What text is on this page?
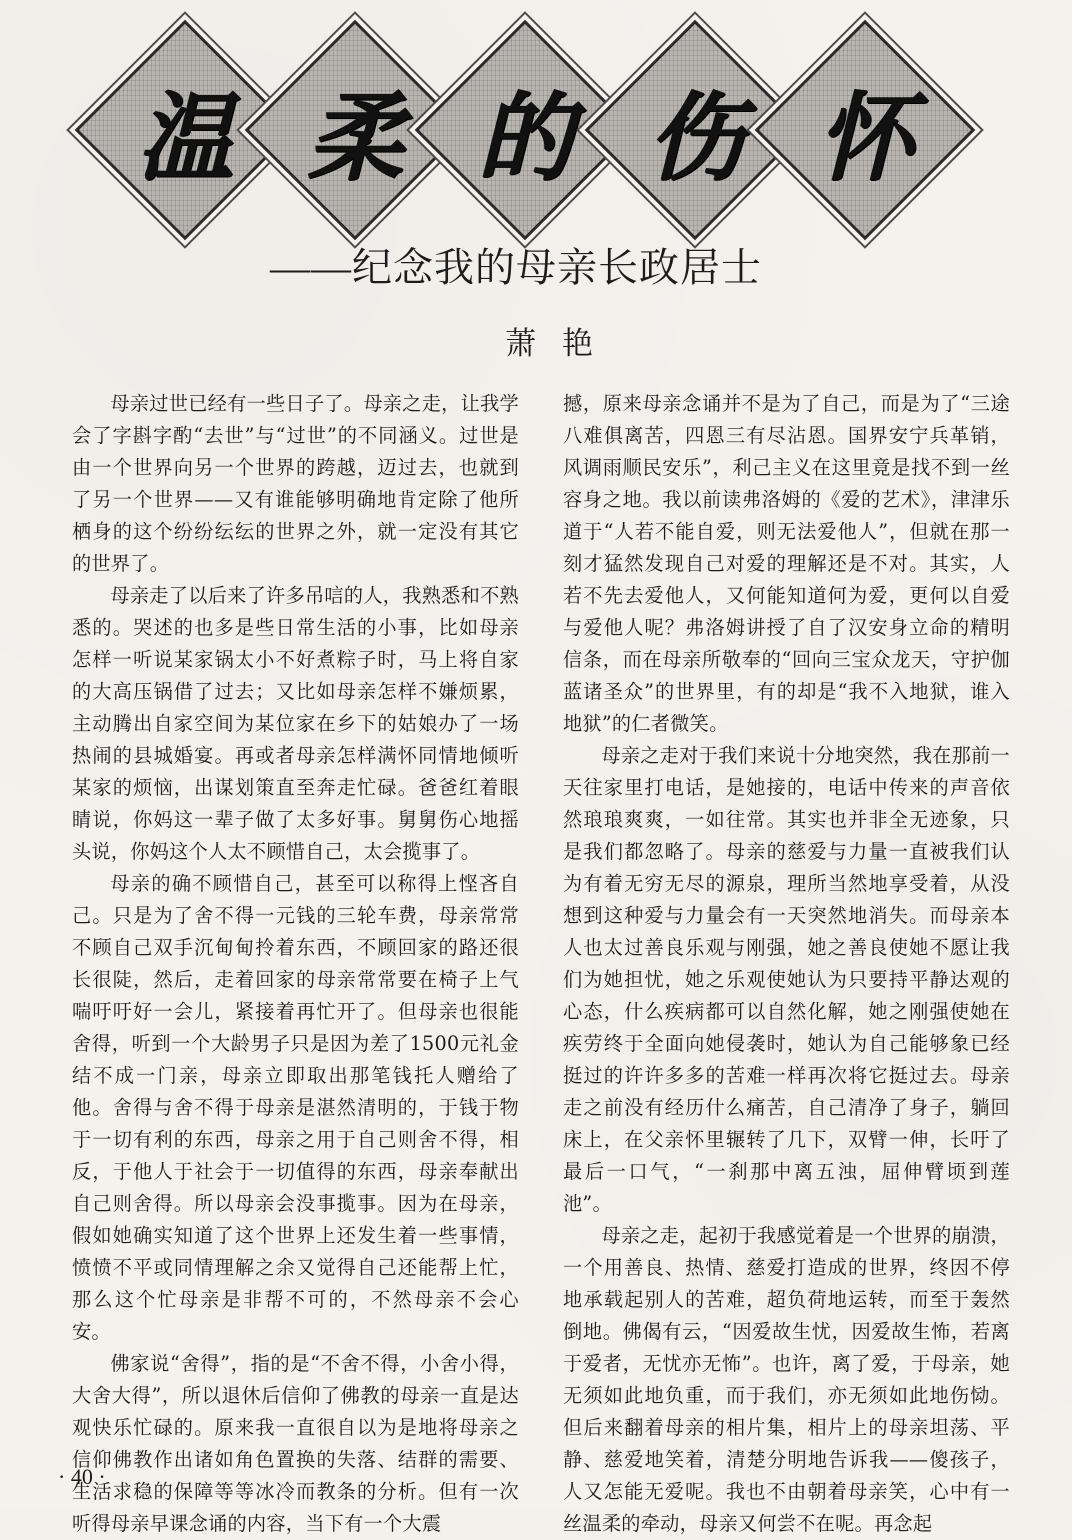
温 柔 的 伤 怀
——纪念我的母亲长政居士
萧艳

母亲过世已经有一些日子了。母亲之走，让我学会了字斟字酌“去世”与“过世”的不同涵义。过世是由一个世界向另一个世界的跨越，迈过去，也就到了另一个世界——又有谁能够明确地肯定除了他所栖身的这个纷纷纭纭的世界之外，就一定没有其它的世界了。

母亲走了以后来了许多吊唁的人，我熟悉和不熟悉的。哭述的也多是些日常生活的小事，比如母亲怎样一听说某家锅太小不好煮粽子时，马上将自家的大高压锅借了过去；又比如母亲怎样不嫌烦累，主动腾出自家空间为某位家在乡下的姑娘办了一场热闹的县城婚宴。再或者母亲怎样满怀同情地倾听某家的烦恼，出谋划策直至奔走忙碌。爸爸红着眼睛说，你妈这一辈子做了太多好事。舅舅伤心地摇头说，你妈这个人太不顾惜自己，太会揽事了。

母亲的确不顾惜自己，甚至可以称得上悭吝自己。只是为了舍不得一元钱的三轮车费，母亲常常不顾自己双手沉甸甸拎着东西，不顾回家的路还很长很陡，然后，走着回家的母亲常常要在椅子上气喘吁吁好一会儿，紧接着再忙开了。但母亲也很能舍得，听到一个大龄男子只是因为差了1500元礼金结不成一门亲，母亲立即取出那笔钱托人赠给了他。舍得与舍不得于母亲是湛然清明的，于钱于物于一切有利的东西，母亲之用于自己则舍不得，相反，于他人于社会于一切值得的东西，母亲奉献出自己则舍得。所以母亲会没事揽事。因为在母亲，假如她确实知道了这个世界上还发生着一些事情，愤愤不平或同情理解之余又觉得自己还能帮上忙，那么这个忙母亲是非帮不可的，不然母亲不会心安。

佛家说“舍得”，指的是“不舍不得，小舍小得，大舍大得”，所以退休后信仰了佛教的母亲一直是达观快乐忙碌的。原来我一直很自以为是地将母亲之信仰佛教作出诸如角色置换的失落、结群的需要、生活求稳的保障等等冰冷而教条的分析。但有一次听得母亲早课念诵的内容，当下有一个大震

撼，原来母亲念诵并不是为了自己，而是为了“三途八难俱离苦，四恩三有尽沾恩。国界安宁兵革销，风调雨顺民安乐”，利己主义在这里竟是找不到一丝容身之地。我以前读弗洛姆的《爱的艺术》，津津乐道于“人若不能自爱，则无法爱他人”，但就在那一刻才猛然发现自己对爱的理解还是不对。其实，人若不先去爱他人，又何能知道何为爱，更何以自爱与爱他人呢？弗洛姆讲授了自了汉安身立命的精明信条，而在母亲所敬奉的“回向三宝众龙天，守护伽蓝诸圣众”的世界里，有的却是“我不入地狱，谁入地狱”的仁者微笑。

母亲之走对于我们来说十分地突然，我在那前一天往家里打电话，是她接的，电话中传来的声音依然琅琅爽爽，一如往常。其实也并非全无迹象，只是我们都忽略了。母亲的慈爱与力量一直被我们认为有着无穷无尽的源泉，理所当然地享受着，从没想到这种爱与力量会有一天突然地消失。而母亲本人也太过善良乐观与刚强，她之善良使她不愿让我们为她担忧，她之乐观使她认为只要持平静达观的心态，什么疾病都可以自然化解，她之刚强使她在疾劳终于全面向她侵袭时，她认为自己能够象已经挺过的许许多多的苦难一样再次将它挺过去。母亲走之前没有经历什么痛苦，自己清净了身子，躺回床上，在父亲怀里辗转了几下，双臂一伸，长吁了最后一口气，“一刹那中离五浊，屈伸臂顷到莲池”。

母亲之走，起初于我感觉着是一个世界的崩溃，一个用善良、热情、慈爱打造成的世界，终因不停地承载起别人的苦难，超负荷地运转，而至于轰然倒地。佛偈有云，“因爱故生忧，因爱故生怖，若离于爱者，无忧亦无怖”。也许，离了爱，于母亲，她无须如此地负重，而于我们，亦无须如此地伤恸。但后来翻着母亲的相片集，相片上的母亲坦荡、平静、慈爱地笑着，清楚分明地告诉我——傻孩子，人又怎能无爱呢。我也不由朝着母亲笑，心中有一丝温柔的牵动，母亲又何尝不在呢。再念起

· 40 ·
